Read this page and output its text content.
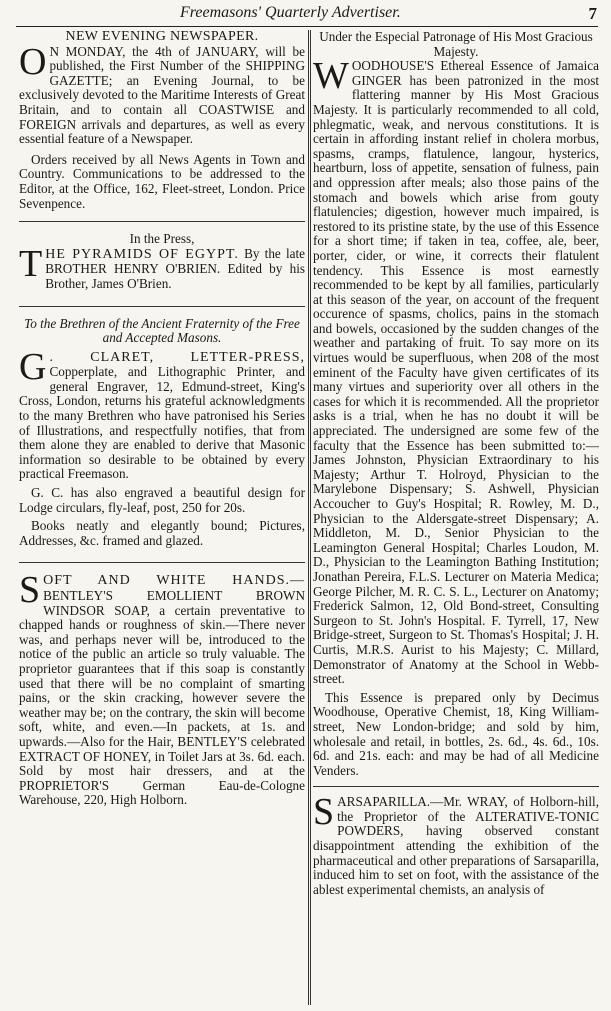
Freemasons' Quarterly Advertiser.	7

NEW EVENING NEWSPAPER.

O N MONDAY, the 4th of JANUARY, will be published, the First Number of the SHIPPING GAZETTE; an Evening Journal, to be exclusively devoted to the Maritime Interests of Great Britain, and to contain all COASTWISE and FOREIGN arrivals and departures, as well as every essential feature of a Newspaper.

Orders received by all News Agents in Town and Country. Communications to be addressed to the Editor, at the Office, 162, Fleet-street, London. Price Sevenpence.

In the Press,

THE PYRAMIDS OF EGYPT. By the late BROTHER HENRY O'BRIEN. Edited by his Brother, James O'Brien.

To the Brethren of the Ancient Fraternity of the Free and Accepted Masons.

G . CLARET, LETTER-PRESS, Copperplate, and Lithographic Printer, and general Engraver, 12, Edmund-street, King's Cross, London, returns his grateful acknowledgments to the many Brethren who have patronised his Series of Illustrations, and respectfully notifies, that from them alone they are enabled to derive that Masonic information so desirable to be obtained by every practical Freemason.

G. C. has also engraved a beautiful design for Lodge circulars, fly-leaf, post, 250 for 20s.

Books neatly and elegantly bound; Pictures, Addresses, &c. framed and glazed.

SOFT AND WHITE HANDS.— BENTLEY'S EMOLLIENT BROWN WINDSOR SOAP, a certain preventative to chapped hands or roughness of skin.—There never was, and perhaps never will be, introduced to the notice of the public an article so truly valuable. The proprietor guarantees that if this soap is constantly used that there will be no complaint of smarting pains, or the skin cracking, however severe the weather may be; on the contrary, the skin will become soft, white, and even.—In packets, at 1s. and upwards.—Also for the Hair, BENTLEY'S celebrated EXTRACT OF HONEY, in Toilet Jars at 3s. 6d. each. Sold by most hair dressers, and at the PROPRIETOR'S German Eau-de-Cologne Warehouse, 220, High Holborn.

Under the Especial Patronage of His Most Gracious Majesty.

WOODHOUSE'S Ethereal Essence of Jamaica GINGER has been patronized in the most flattering manner by His Most Gracious Majesty. It is particularly recommended to all cold, phlegmatic, weak, and nervous constitutions. It is certain in affording instant relief in cholera morbus, spasms, cramps, flatulence, langour, hysterics, heartburn, loss of appetite, sensation of fulness, pain and oppression after meals; also those pains of the stomach and bowels which arise from gouty flatulencies; digestion, however much impaired, is restored to its pristine state, by the use of this Essence for a short time; if taken in tea, coffee, ale, beer, porter, cider, or wine, it corrects their flatulent tendency. This Essence is most earnestly recommended to be kept by all families, particularly at this season of the year, on account of the frequent occurence of spasms, cholics, pains in the stomach and bowels, occasioned by the sudden changes of the weather and partaking of fruit. To say more on its virtues would be superfluous, when 208 of the most eminent of the Faculty have given certificates of its many virtues and superiority over all others in the cases for which it is recommended. All the proprietor asks is a trial, when he has no doubt it will be appreciated. The undersigned are some few of the faculty that the Essence has been submitted to:—James Johnston, Physician Extraordinary to his Majesty; Arthur T. Holroyd, Physician to the Marylebone Dispensary; S. Ashwell, Physician Accoucher to Guy's Hospital; R. Rowley, M. D., Physician to the Aldersgate-street Dispensary; A. Middleton, M. D., Senior Physician to the Leamington General Hospital; Charles Loudon, M. D., Physician to the Leamington Bathing Institution; Jonathan Pereira, F.L.S. Lecturer on Materia Medica; George Pilcher, M. R. C. S. L., Lecturer on Anatomy; Frederick Salmon, 12, Old Bond-street, Consulting Surgeon to St. John's Hospital. F. Tyrrell, 17, New Bridge-street, Surgeon to St. Thomas's Hospital; J. H. Curtis, M.R.S. Aurist to his Majesty; C. Millard, Demonstrator of Anatomy at the School in Webb-street.

This Essence is prepared only by Decimus Woodhouse, Operative Chemist, 18, King William-street, New London-bridge; and sold by him, wholesale and retail, in bottles, 2s. 6d., 4s. 6d., 10s. 6d. and 21s. each: and may be had of all Medicine Venders.

SARSAPARILLA.—Mr. WRAY, of Holborn-hill, the Proprietor of the ALTERATIVE-TONIC POWDERS, having observed constant disappointment attending the exhibition of the pharmaceutical and other preparations of Sarsaparilla, induced him to set on foot, with the assistance of the ablest experimental chemists, an analysis of
